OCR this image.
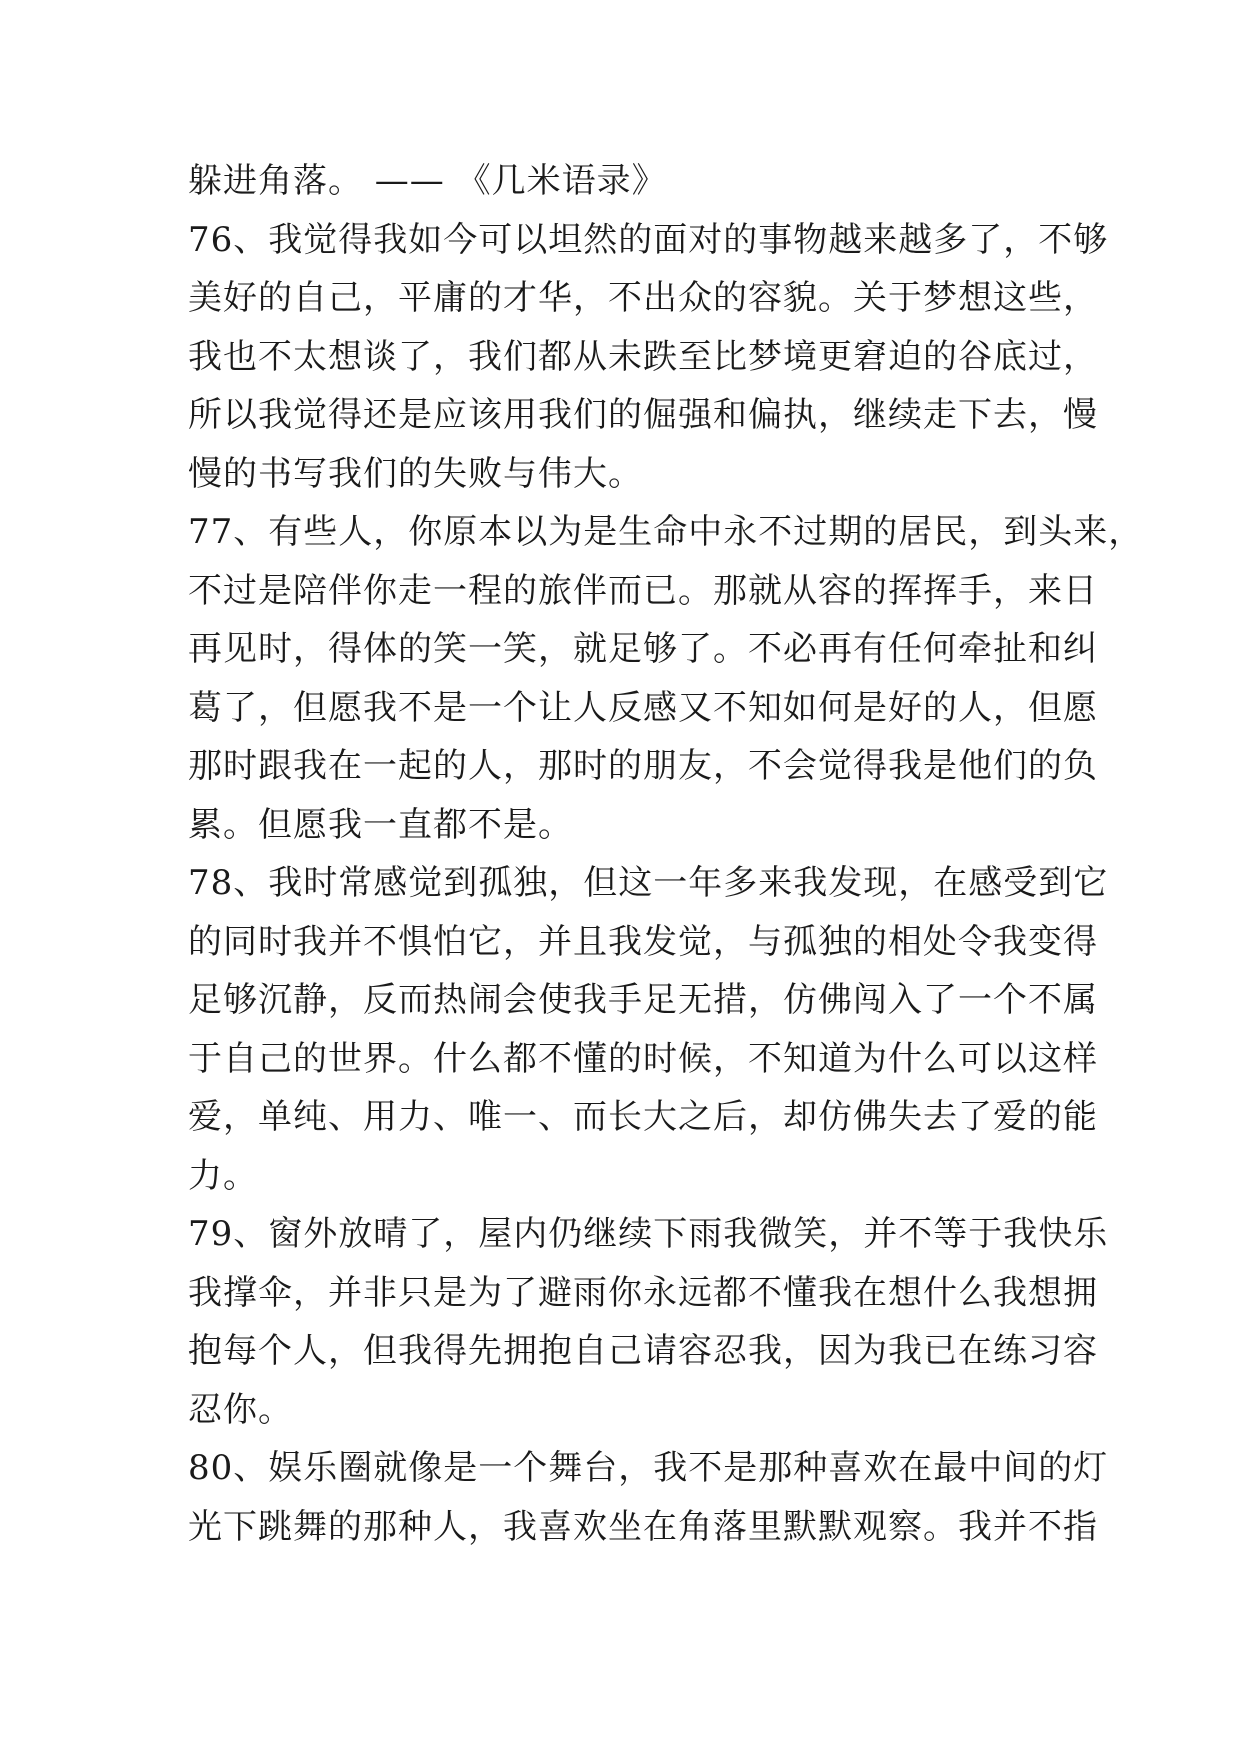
躲进角落。 —— 《几米语录》
76、我觉得我如今可以坦然的面对的事物越来越多了，不够
美好的自己，平庸的才华，不出众的容貌。关于梦想这些，
我也不太想谈了，我们都从未跌至比梦境更窘迫的谷底过，
所以我觉得还是应该用我们的倔强和偏执，继续走下去，慢
慢的书写我们的失败与伟大。
77、有些人，你原本以为是生命中永不过期的居民，到头来，
不过是陪伴你走一程的旅伴而已。那就从容的挥挥手，来日
再见时，得体的笑一笑，就足够了。不必再有任何牵扯和纠
葛了，但愿我不是一个让人反感又不知如何是好的人，但愿
那时跟我在一起的人，那时的朋友，不会觉得我是他们的负
累。但愿我一直都不是。
78、我时常感觉到孤独，但这一年多来我发现，在感受到它
的同时我并不惧怕它，并且我发觉，与孤独的相处令我变得
足够沉静，反而热闹会使我手足无措，仿佛闯入了一个不属
于自己的世界。什么都不懂的时候，不知道为什么可以这样
爱，单纯、用力、唯一、而长大之后，却仿佛失去了爱的能
力。
79、窗外放晴了，屋内仍继续下雨我微笑，并不等于我快乐
我撑伞，并非只是为了避雨你永远都不懂我在想什么我想拥
抱每个人，但我得先拥抱自己请容忍我，因为我已在练习容
忍你。
80、娱乐圈就像是一个舞台，我不是那种喜欢在最中间的灯
光下跳舞的那种人，我喜欢坐在角落里默默观察。我并不指
